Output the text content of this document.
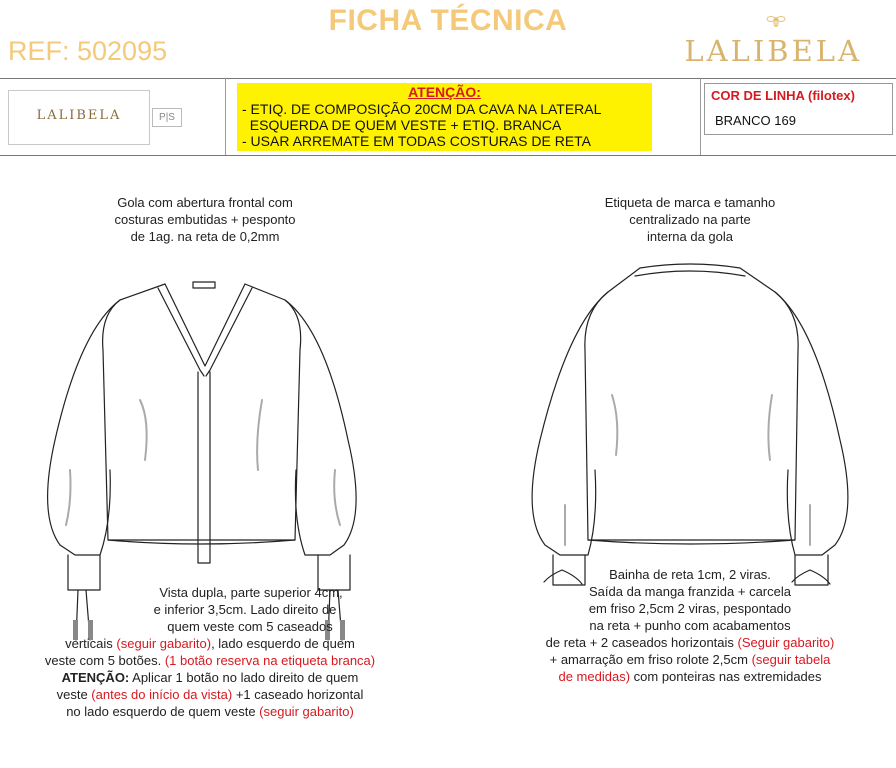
FICHA TÉCNICA
REF: 502095	LALIBELA
LALIBELA	P|S
ATENÇÃO:
- ETIQ. DE COMPOSIÇÃO 20CM DA CAVA NA LATERAL
ESQUERDA DE QUEM VESTE + ETIQ. BRANCA
- USAR ARREMATE EM TODAS COSTURAS DE RETA
COR DE LINHA (filotex)
BRANCO 169
Gola com abertura frontal com
costuras embutidas + pesponto
de 1ag. na reta de 0,2mm
Etiqueta de marca e tamanho
centralizado na parte
interna da gola
Vista dupla, parte superior 4cm,
e inferior 3,5cm. Lado direito de
quem veste com 5 caseados
verticais (seguir gabarito), lado esquerdo de quem
veste com 5 botões. (1 botão reserva na etiqueta branca)
ATENÇÃO: Aplicar 1 botão no lado direito de quem
veste (antes do início da vista) +1 caseado horizontal
no lado esquerdo de quem veste (seguir gabarito)
Bainha de reta 1cm, 2 viras.
Saída da manga franzida + carcela
em friso 2,5cm 2 viras, pespontado
na reta + punho com acabamentos
de reta + 2 caseados horizontais (Seguir gabarito)
+ amarração em friso rolote 2,5cm (seguir tabela
de medidas) com ponteiras nas extremidades
